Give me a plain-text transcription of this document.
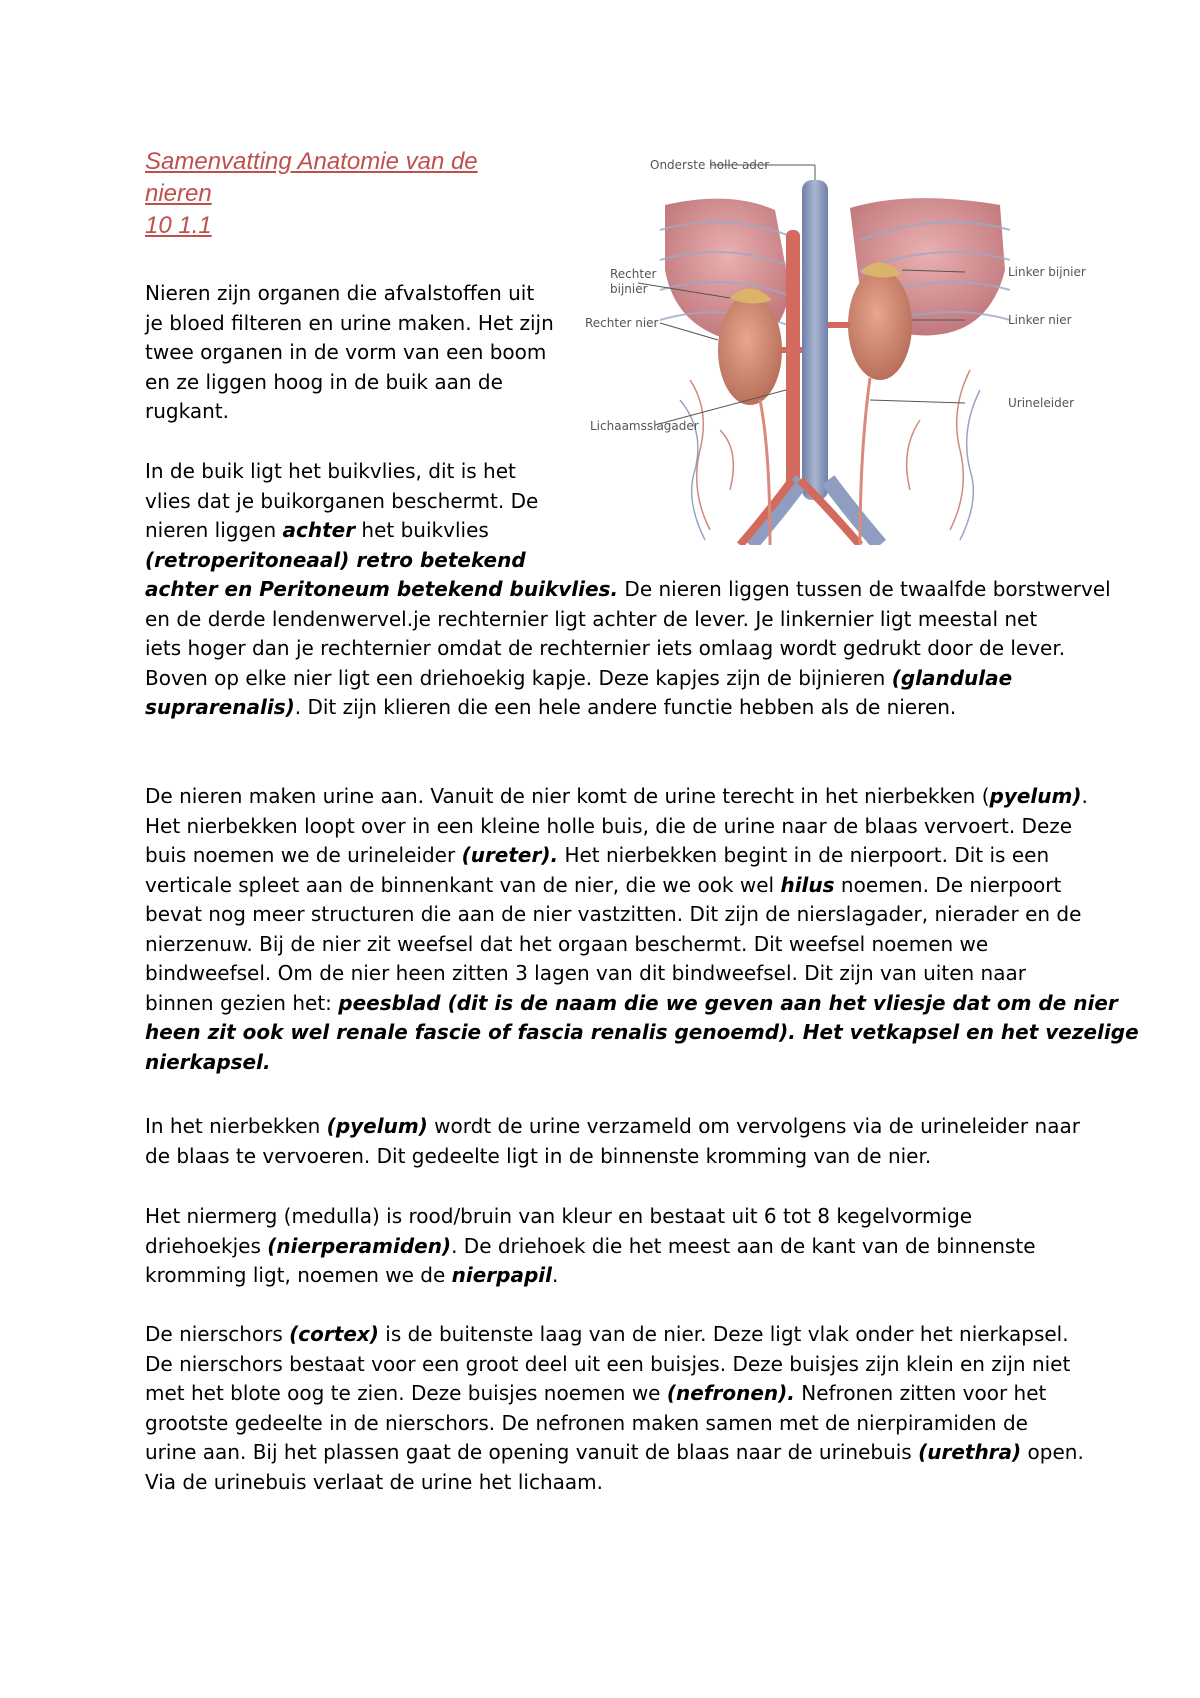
Samenvatting Anatomie van de
nieren
10 1.1
Onderste holle ader
Rechter
bijnier
Rechter nier
Lichaamsslagader
Linker bijnier
Linker nier
Urineleider
Nieren zijn organen die afvalstoffen uit
je bloed filteren en urine maken. Het zijn
twee organen in de vorm van een boom
en ze liggen hoog in de buik aan de
rugkant.
In de buik ligt het buikvlies, dit is het
vlies dat je buikorganen beschermt. De
nieren liggen achter het buikvlies
(retroperitoneaal) retro betekend
achter en Peritoneum betekend buikvlies. De nieren liggen tussen de twaalfde borstwervel
en de derde lendenwervel.je rechternier ligt achter de lever. Je linkernier ligt meestal net
iets hoger dan je rechternier omdat de rechternier iets omlaag wordt gedrukt door de lever.
Boven op elke nier ligt een driehoekig kapje. Deze kapjes zijn de bijnieren (glandulae
suprarenalis). Dit zijn klieren die een hele andere functie hebben als de nieren.
De nieren maken urine aan. Vanuit de nier komt de urine terecht in het nierbekken (pyelum).
Het nierbekken loopt over in een kleine holle buis, die de urine naar de blaas vervoert. Deze
buis noemen we de urineleider (ureter). Het nierbekken begint in de nierpoort. Dit is een
verticale spleet aan de binnenkant van de nier, die we ook wel hilus noemen. De nierpoort
bevat nog meer structuren die aan de nier vastzitten. Dit zijn de nierslagader, nierader en de
nierzenuw. Bij de nier zit weefsel dat het orgaan beschermt. Dit weefsel noemen we
bindweefsel. Om de nier heen zitten 3 lagen van dit bindweefsel. Dit zijn van uiten naar
binnen gezien het: peesblad (dit is de naam die we geven aan het vliesje dat om de nier
heen zit ook wel renale fascie of fascia renalis genoemd). Het vetkapsel en het vezelige
nierkapsel.
In het nierbekken (pyelum) wordt de urine verzameld om vervolgens via de urineleider naar
de blaas te vervoeren. Dit gedeelte ligt in de binnenste kromming van de nier.
Het niermerg (medulla) is rood/bruin van kleur en bestaat uit 6 tot 8 kegelvormige
driehoekjes (nierperamiden). De driehoek die het meest aan de kant van de binnenste
kromming ligt, noemen we de nierpapil.
De nierschors (cortex) is de buitenste laag van de nier. Deze ligt vlak onder het nierkapsel.
De nierschors bestaat voor een groot deel uit een buisjes. Deze buisjes zijn klein en zijn niet
met het blote oog te zien. Deze buisjes noemen we (nefronen). Nefronen zitten voor het
grootste gedeelte in de nierschors. De nefronen maken samen met de nierpiramiden de
urine aan. Bij het plassen gaat de opening vanuit de blaas naar de urinebuis (urethra) open.
Via de urinebuis verlaat de urine het lichaam.
